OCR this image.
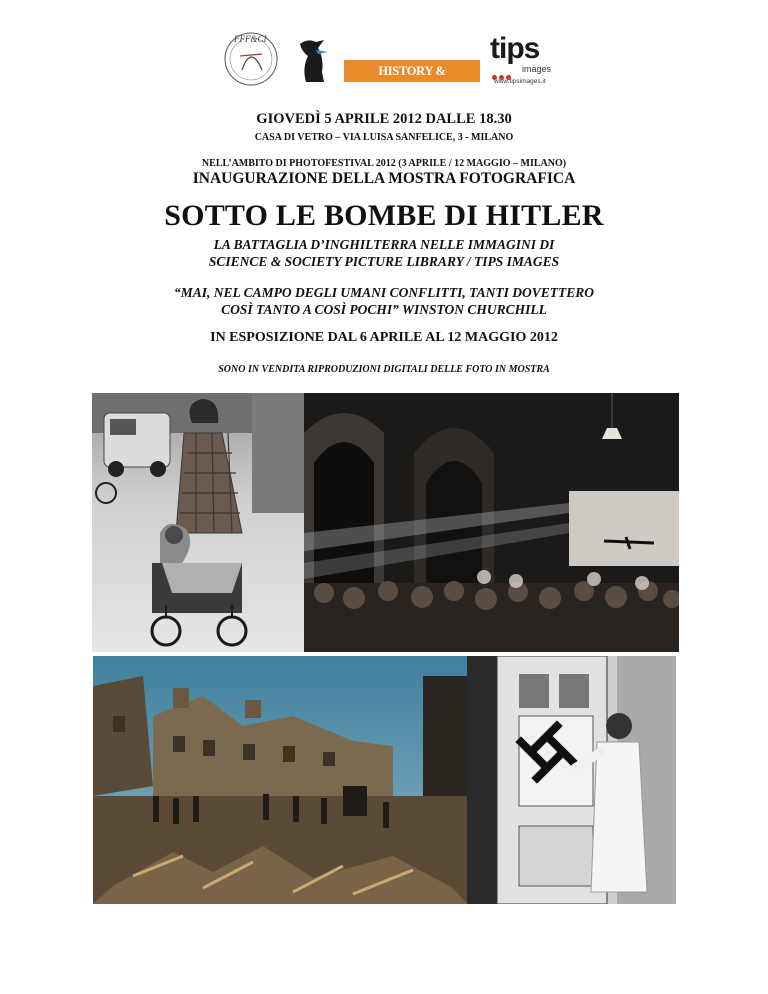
FFF&CI
HISTORY & PHOTOGRAPHY
tips
images
www.tipsimages.it
GIOVEDÌ 5 APRILE 2012 DALLE 18.30
CASA DI VETRO – VIA LUISA SANFELICE, 3 - MILANO
NELL’AMBITO DI PHOTOFESTIVAL 2012 (3 APRILE / 12 MAGGIO – MILANO)
INAUGURAZIONE DELLA MOSTRA FOTOGRAFICA
SOTTO LE BOMBE DI HITLER
LA BATTAGLIA D’INGHILTERRA NELLE IMMAGINI DI
SCIENCE & SOCIETY PICTURE LIBRARY / TIPS IMAGES
“MAI, NEL CAMPO DEGLI UMANI CONFLITTI, TANTI DOVETTERO
COSÌ TANTO A COSÌ POCHI” WINSTON CHURCHILL
IN ESPOSIZIONE DAL 6 APRILE AL 12 MAGGIO 2012
SONO IN VENDITA RIPRODUZIONI DIGITALI DELLE FOTO IN MOSTRA
